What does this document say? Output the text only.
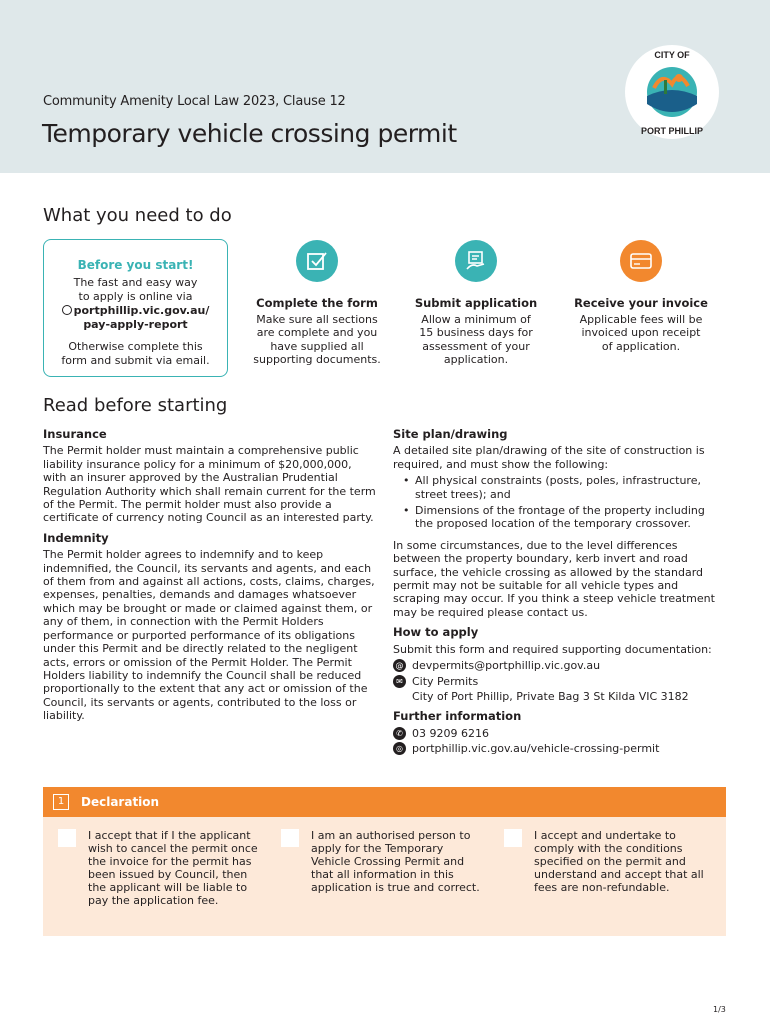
Community Amenity Local Law 2023, Clause 12
Temporary vehicle crossing permit
CITY OF
PORT PHILLIP
What you need to do
Before you start!
The fast and easy way
to apply is online via
portphillip.vic.gov.au/
pay-apply-report
Otherwise complete this
form and submit via email.
Complete the form
Make sure all sections are complete and you have supplied all supporting documents.
Submit application
Allow a minimum of 15 business days for assessment of your application.
Receive your invoice
Applicable fees will be invoiced upon receipt of application.
Read before starting
Insurance

The Permit holder must maintain a comprehensive public liability insurance policy for a minimum of $20,000,000, with an insurer approved by the Australian Prudential Regulation Authority which shall remain current for the term of the Permit. The permit holder must also provide a certificate of currency noting Council as an interested party.

Indemnity

The Permit holder agrees to indemnify and to keep indemnified, the Council, its servants and agents, and each of them from and against all actions, costs, claims, charges, expenses, penalties, demands and damages whatsoever which may be brought or made or claimed against them, or any of them, in connection with the Permit Holders performance or purported performance of its obligations under this Permit and be directly related to the negligent acts, errors or omission of the Permit Holder. The Permit Holders liability to indemnify the Council shall be reduced proportionally to the extent that any act or omission of the Council, its servants or agents, contributed to the loss or liability.

Site plan/drawing

A detailed site plan/drawing of the site of construction is required, and must show the following:

• All physical constraints (posts, poles, infrastructure, street trees); and
• Dimensions of the frontage of the property including the proposed location of the temporary crossover.

In some circumstances, due to the level differences between the property boundary, kerb invert and road surface, the vehicle crossing as allowed by the standard permit may not be suitable for all vehicle types and scraping may occur. If you think a steep vehicle treatment may be required please contact us.

How to apply

Submit this form and required supporting documentation:

@ devpermits@portphillip.vic.gov.au
✉ City Permits
City of Port Phillip, Private Bag 3 St Kilda VIC 3182
Further information
✆ 03 9209 6216
◎ portphillip.vic.gov.au/vehicle-crossing-permit
1	Declaration
I accept that if I the applicant wish to cancel the permit once the invoice for the permit has been issued by Council, then the applicant will be liable to pay the application fee.
I am an authorised person to apply for the Temporary Vehicle Crossing Permit and that all information in this application is true and correct.
I accept and undertake to comply with the conditions specified on the permit and understand and accept that all fees are non-refundable.
1/3
